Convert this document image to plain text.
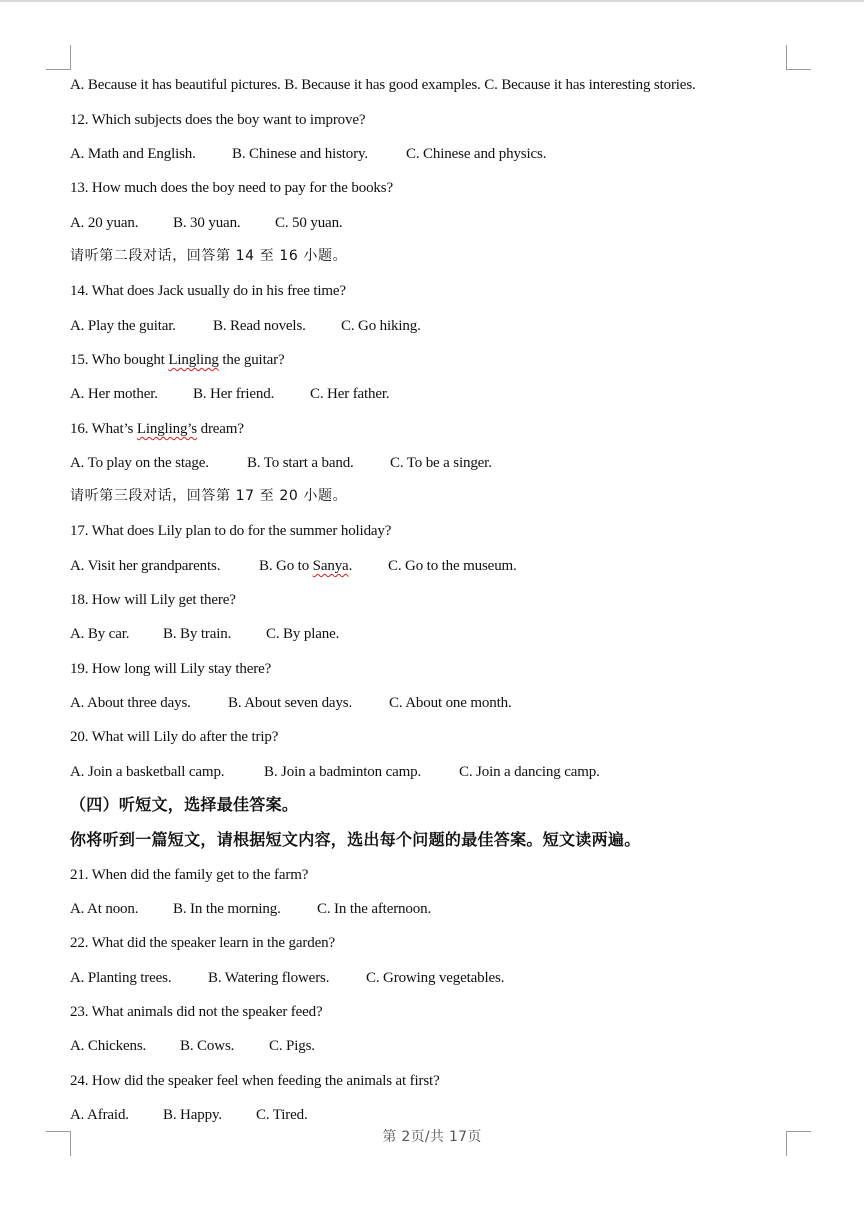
A. Because it has beautiful pictures. B. Because it has good examples. C. Because it has interesting stories.
12. Which subjects does the boy want to improve?
A. Math and English. B. Chinese and history.	C. Chinese and physics.
13. How much does the boy need to pay for the books?
A. 20 yuan. B. 30 yuan. C. 50 yuan.
请听第二段对话，回答第 14 至 16 小题。
14. What does Jack usually do in his free time?
A. Play the guitar. B. Read novels. C. Go hiking.
15. Who bought Lingling the guitar?
A. Her mother. B. Her friend. C. Her father.
16. What’s Lingling’s dream?
A. To play on the stage.	B. To start a band. C. To be a singer.
请听第三段对话，回答第 17 至 20 小题。
17. What does Lily plan to do for the summer holiday?
A. Visit her grandparents.	B. Go to Sanya. C. Go to the museum.
18. How will Lily get there?
A. By car. B. By train. C. By plane.
19. How long will Lily stay there?
A. About three days. B. About seven days. C. About one month.
20. What will Lily do after the trip?
A. Join a basketball camp.	B. Join a badminton camp.	C. Join a dancing camp.
（四）听短文，选择最佳答案。
你将听到一篇短文，请根据短文内容，选出每个问题的最佳答案。短文读两遍。
21. When did the family get to the farm?
A. At noon. B. In the morning. C. In the afternoon.
22. What did the speaker learn in the garden?
A. Planting trees. B. Watering flowers. C. Growing vegetables.
23. What animals did not the speaker feed?
A. Chickens. B. Cows. C. Pigs.
24. How did the speaker feel when feeding the animals at first?
A. Afraid. B. Happy. C. Tired.
第 2页/共 17页
